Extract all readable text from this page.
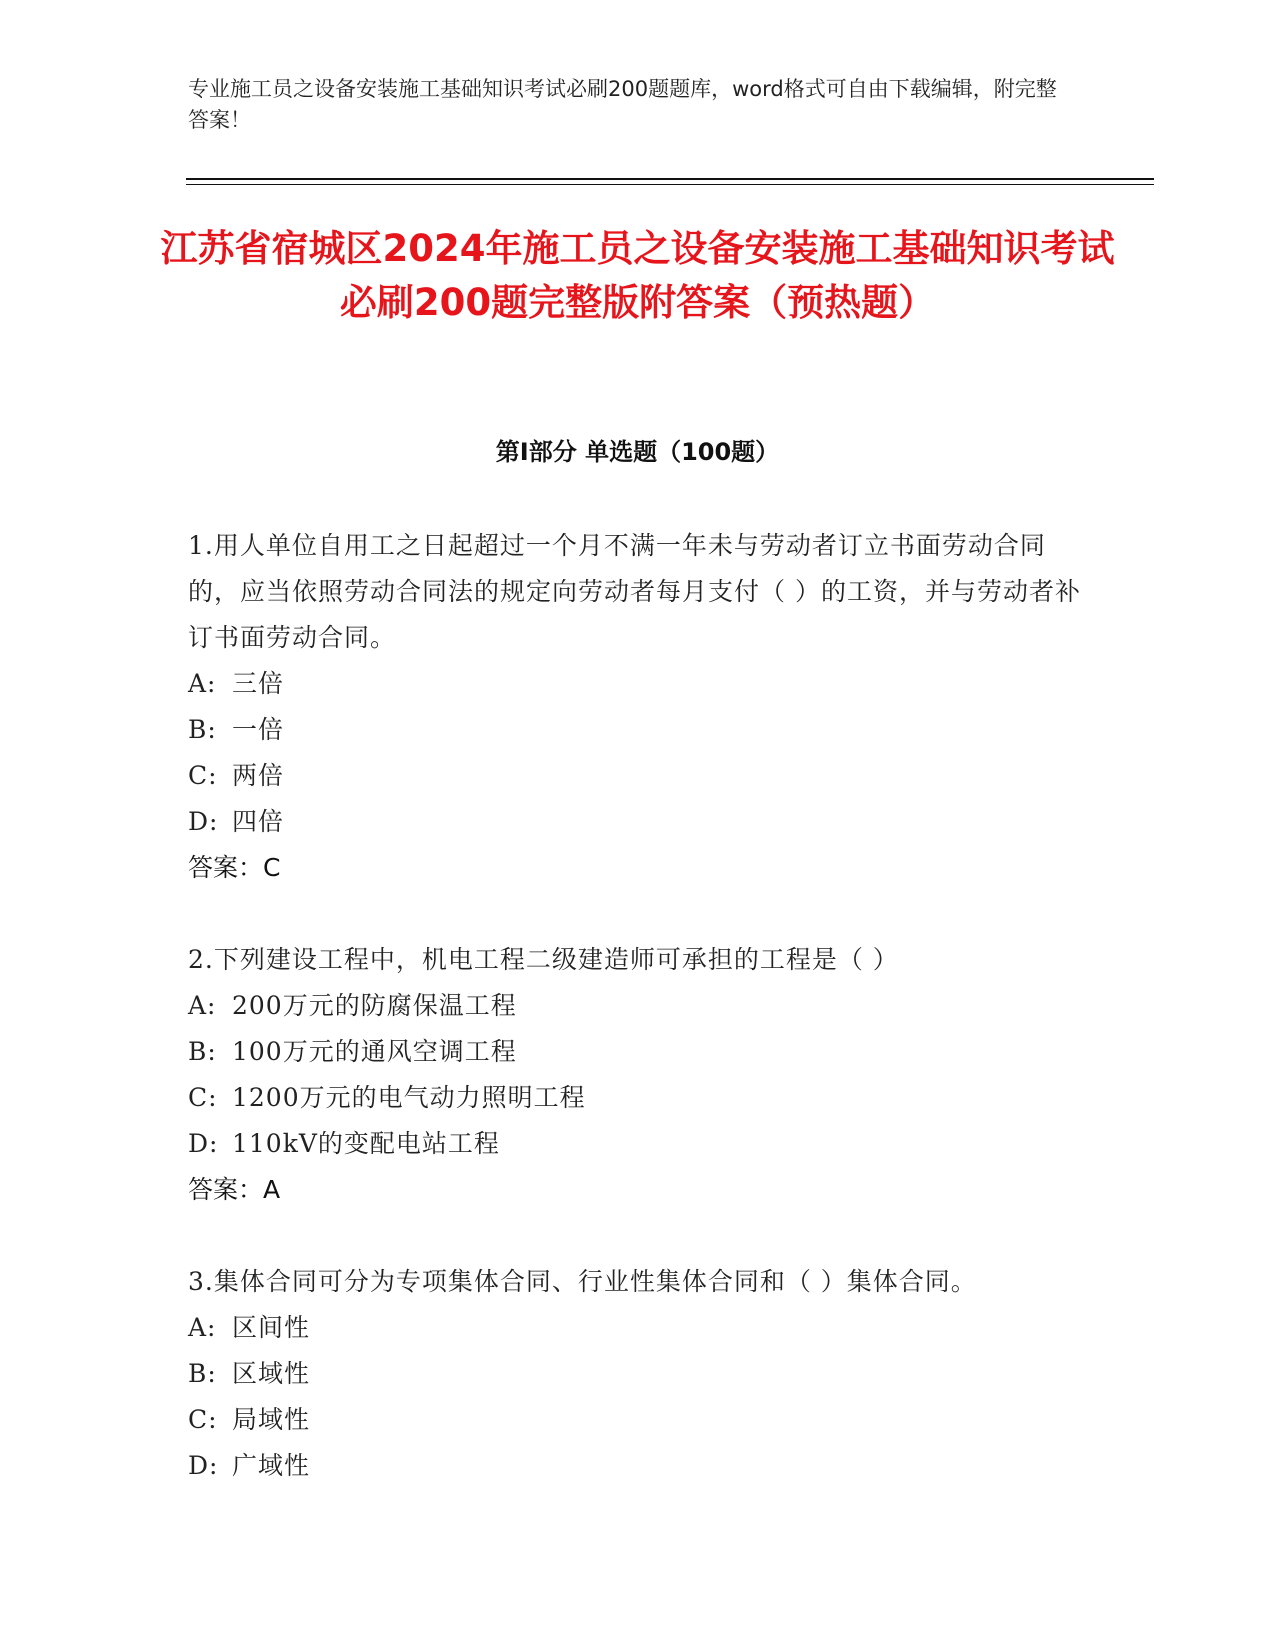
专业施工员之设备安装施工基础知识考试必刷200题题库，word格式可自由下载编辑，附完整答案！
江苏省宿城区2024年施工员之设备安装施工基础知识考试必刷200题完整版附答案（预热题）
第I部分 单选题（100题）
1.用人单位自用工之日起超过一个月不满一年未与劳动者订立书面劳动合同的，应当依照劳动合同法的规定向劳动者每月支付（ ）的工资，并与劳动者补订书面劳动合同。
A: 三倍
B: 一倍
C: 两倍
D: 四倍
答案：C
2.下列建设工程中，机电工程二级建造师可承担的工程是（ ）
A: 200万元的防腐保温工程
B: 100万元的通风空调工程
C: 1200万元的电气动力照明工程
D: 110kV的变配电站工程
答案：A
3.集体合同可分为专项集体合同、行业性集体合同和（ ）集体合同。
A: 区间性
B: 区域性
C: 局域性
D: 广域性
